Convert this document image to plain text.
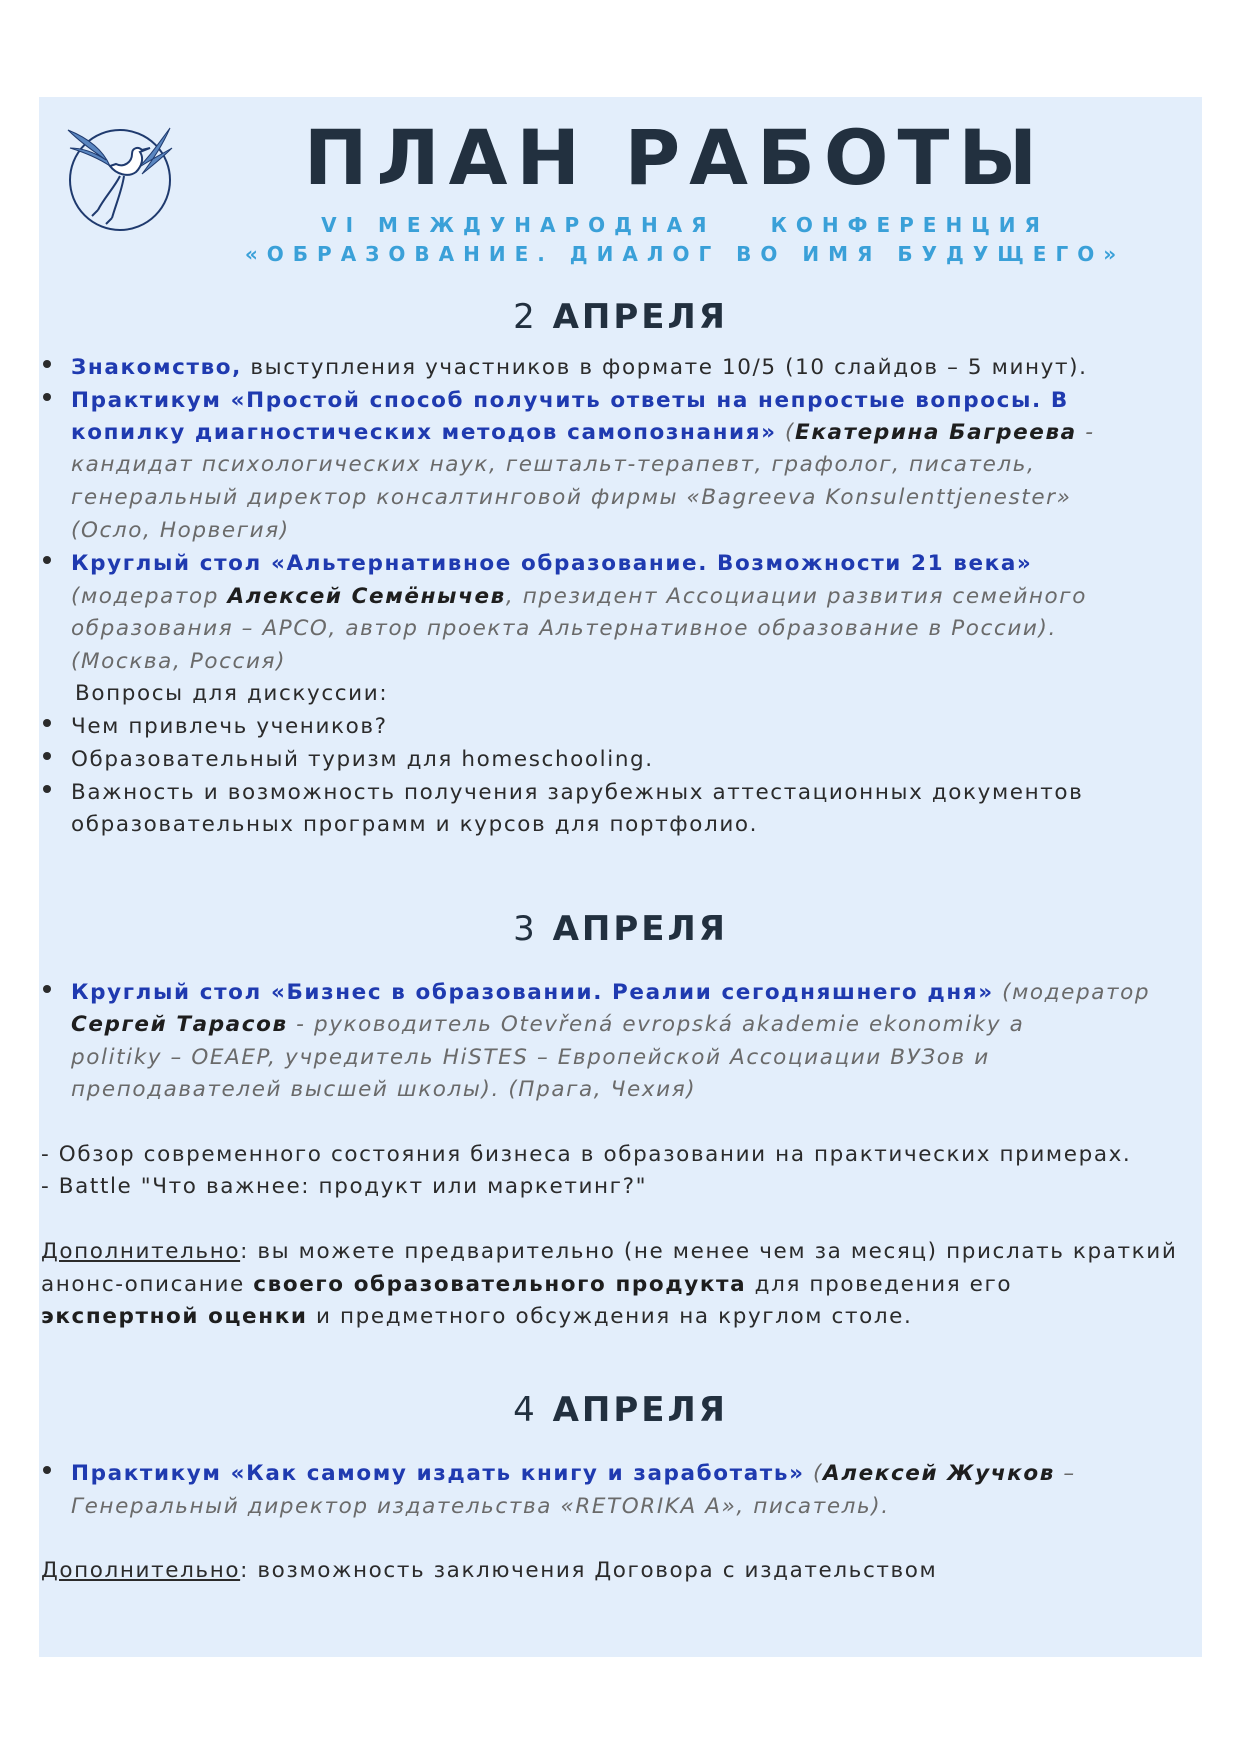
ПЛАН РАБОТЫ
VI МЕЖДУНАРОДНАЯ	КОНФЕРЕНЦИЯ
«ОБРАЗОВАНИЕ. ДИАЛОГ ВО ИМЯ БУДУЩЕГО»
2 АПРЕЛЯ
Знакомство, выступления участников в формате 10/5 (10 слайдов – 5 минут).
Практикум «Простой способ получить ответы на непростые вопросы. В
копилку диагностических методов самопознания» (Екатерина Багреева -
кандидат психологических наук, гештальт-терапевт, графолог, писатель,
генеральный директор консалтинговой фирмы «Bagreeva Konsulenttjenester»
(Осло, Норвегия)
Круглый стол «Альтернативное образование. Возможности 21 века»
(модератор Алексей Семёнычев, президент Ассоциации развития семейного
образования – АРСО, автор проекта Альтернативное образование в России).
(Москва, Россия)
Вопросы для дискуссии:
Чем привлечь учеников?
Образовательный туризм для homeschooling.
Важность и возможность получения зарубежных аттестационных документов
образовательных программ и курсов для портфолио.
3 АПРЕЛЯ
Круглый стол «Бизнес в образовании. Реалии сегодняшнего дня» (модератор
Сергей Тарасов - руководитель Otevřená evropská akademie ekonomiky a
politiky – OEAEP, учредитель HiSTES – Европейской Ассоциации ВУЗов и
преподавателей высшей школы). (Прага, Чехия)
- Обзор современного состояния бизнеса в образовании на практических примерах.
- Battle "Что важнее: продукт или маркетинг?"
Дополнительно: вы можете предварительно (не менее чем за месяц) прислать краткий
анонс-описание своего образовательного продукта для проведения его
экспертной оценки и предметного обсуждения на круглом столе.
4 АПРЕЛЯ
Практикум «Как самому издать книгу и заработать» (Алексей Жучков –
Генеральный директор издательства «RETORIKA A», писатель).
Дополнительно: возможность заключения Договора с издательством
